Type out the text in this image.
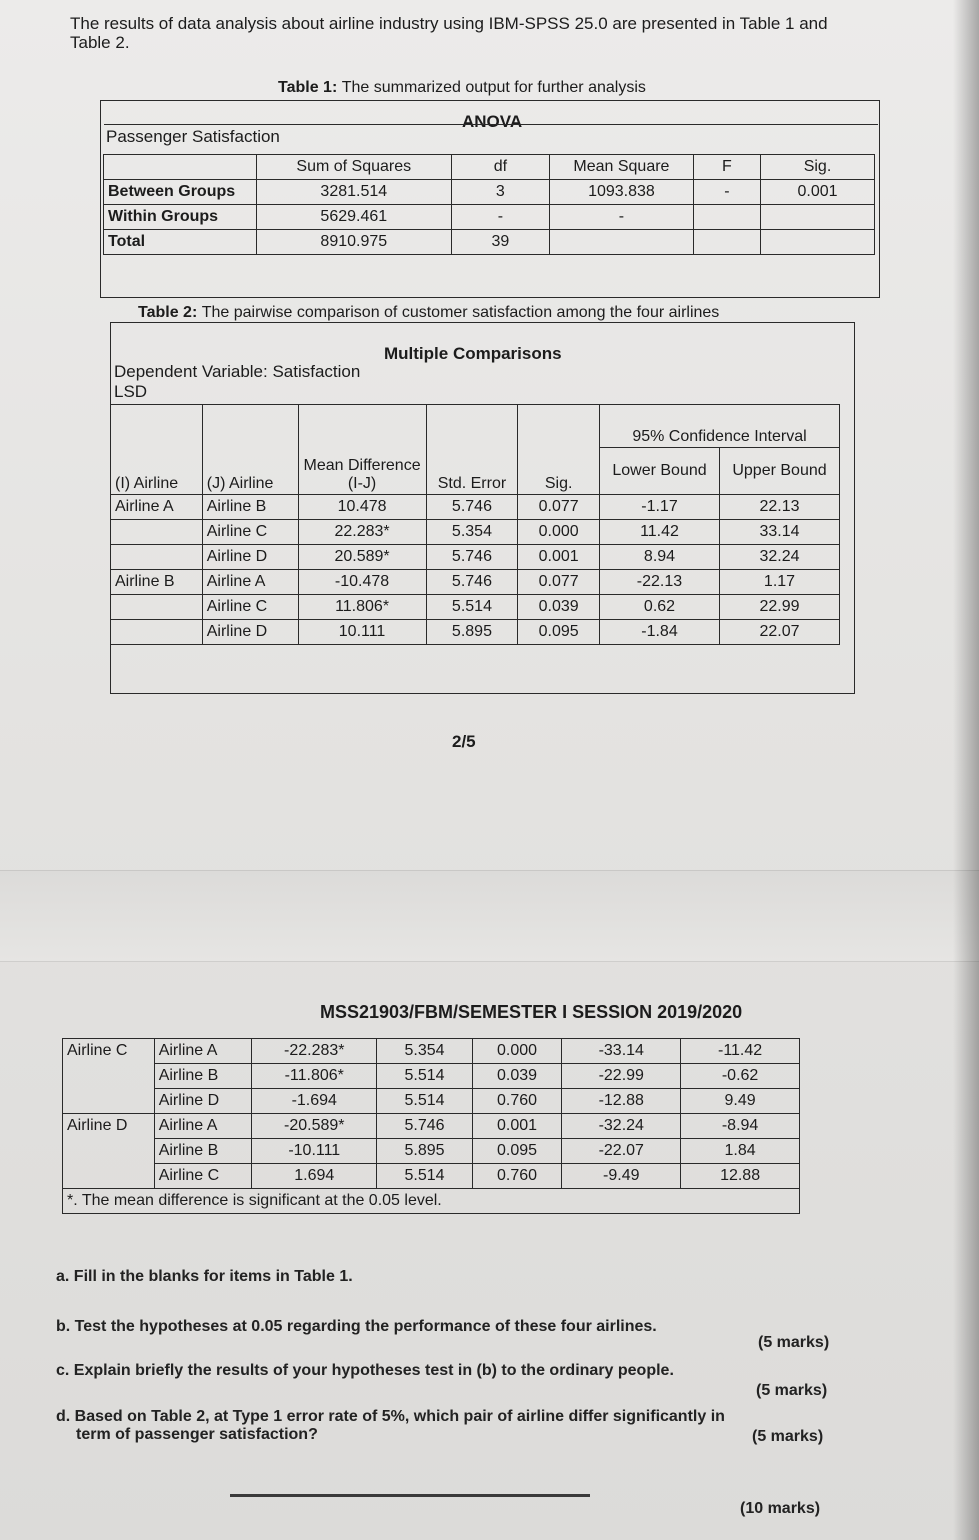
The results of data analysis about airline industry using IBM-SPSS 25.0 are presented in Table 1 and
Table 2.
Table 1: The summarized output for further analysis
ANOVA
Passenger Satisfaction
	Sum of Squares	df	Mean Square	F	Sig.
Between Groups	3281.514	3	1093.838	-	0.001
Within Groups	5629.461	-	-		
Total	8910.975	39			
Table 2: The pairwise comparison of customer satisfaction among the four airlines
Multiple Comparisons
Dependent Variable: Satisfaction
LSD
(I) Airline	(J) Airline	Mean Difference (I-J)	Std. Error	Sig.	95% Confidence Interval	
					Lower Bound	Upper Bound
Airline A	Airline B	10.478	5.746	0.077	-1.17	22.13
	Airline C	22.283*	5.354	0.000	11.42	33.14
	Airline D	20.589*	5.746	0.001	8.94	32.24
Airline B	Airline A	-10.478	5.746	0.077	-22.13	1.17
	Airline C	11.806*	5.514	0.039	0.62	22.99
	Airline D	10.111	5.895	0.095	-1.84	22.07
2/5
MSS21903/FBM/SEMESTER I SESSION 2019/2020
Airline C	Airline A	-22.283*	5.354	0.000	-33.14	-11.42
	Airline B	-11.806*	5.514	0.039	-22.99	-0.62
	Airline D	-1.694	5.514	0.760	-12.88	9.49
Airline D	Airline A	-20.589*	5.746	0.001	-32.24	-8.94
	Airline B	-10.111	5.895	0.095	-22.07	1.84
	Airline C	1.694	5.514	0.760	-9.49	12.88
*. The mean difference is significant at the 0.05 level.						
a. Fill in the blanks for items in Table 1.
(5 marks)
b. Test the hypotheses at 0.05 regarding the performance of these four airlines.
(5 marks)
c. Explain briefly the results of your hypotheses test in (b) to the ordinary people.
(5 marks)
d. Based on Table 2, at Type 1 error rate of 5%, which pair of airline differ significantly in
term of passenger satisfaction?
(10 marks)
